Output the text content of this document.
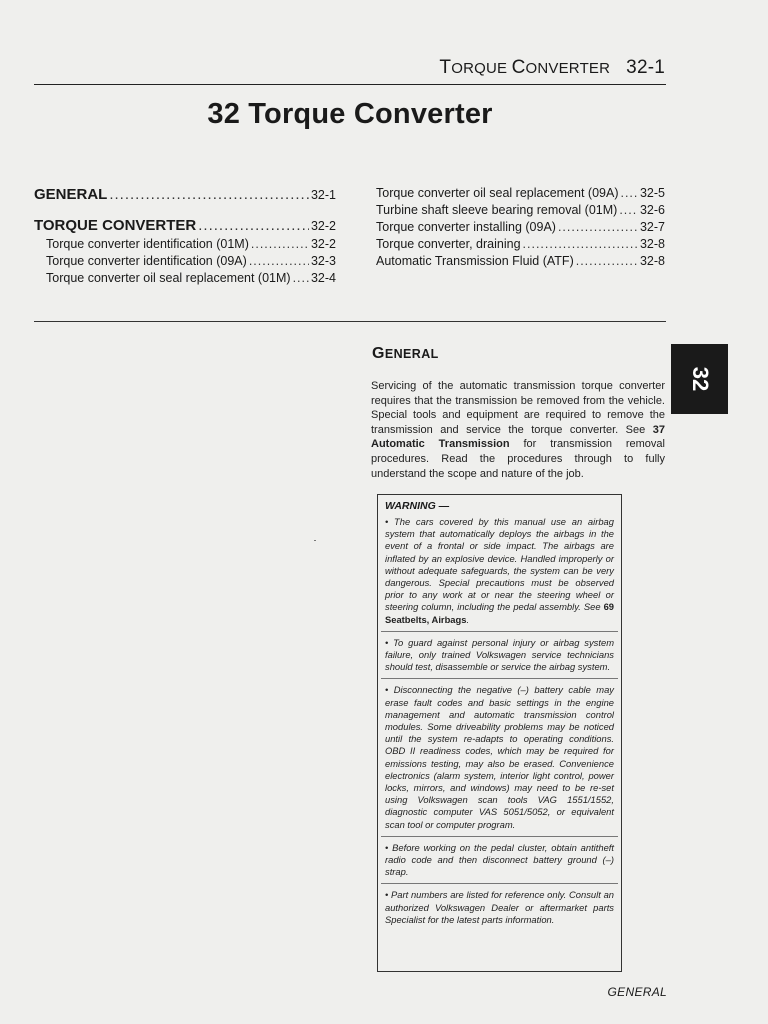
TORQUE CONVERTER 32-1
32 Torque Converter
GENERAL .....	32-1
TORQUE CONVERTER .....	32-2
Torque converter identification (01M) .....	32-2
Torque converter identification (09A) .....	32-3
Torque converter oil seal replacement (01M) ..... 32-4
Torque converter oil seal replacement (09A) ..... 32-5
Turbine shaft sleeve bearing removal (01M) ..... 32-6
Torque converter installing (09A) .....	32-7
Torque converter, draining .....	32-8
Automatic Transmission Fluid (ATF) .....	32-8
GENERAL
32
Servicing of the automatic transmission torque converter requires that the transmission be removed from the vehicle. Special tools and equipment are required to remove the transmission and service the torque converter. See 37 Automatic Transmission for transmission removal procedures. Read the procedures through to fully understand the scope and nature of the job.
WARNING —
• The cars covered by this manual use an airbag system that automatically deploys the airbags in the event of a frontal or side impact. The airbags are inflated by an explosive device. Handled improperly or without adequate safeguards, the system can be very dangerous. Special precautions must be observed prior to any work at or near the steering wheel or steering column, including the pedal assembly. See 69 Seatbelts, Airbags.
• To guard against personal injury or airbag system failure, only trained Volkswagen service technicians should test, disassemble or service the airbag system.
• Disconnecting the negative (–) battery cable may erase fault codes and basic settings in the engine management and automatic transmission control modules. Some driveability problems may be noticed until the system re-adapts to operating conditions. OBD II readiness codes, which may be required for emissions testing, may also be erased. Convenience electronics (alarm system, interior light control, power locks, mirrors, and windows) may need to be re-set using Volkswagen scan tools VAG 1551/1552, diagnostic computer VAS 5051/5052, or equivalent scan tool or computer program.
• Before working on the pedal cluster, obtain antitheft radio code and then disconnect battery ground (–) strap.
• Part numbers are listed for reference only. Consult an authorized Volkswagen Dealer or aftermarket parts Specialist for the latest parts information.
GENERAL
